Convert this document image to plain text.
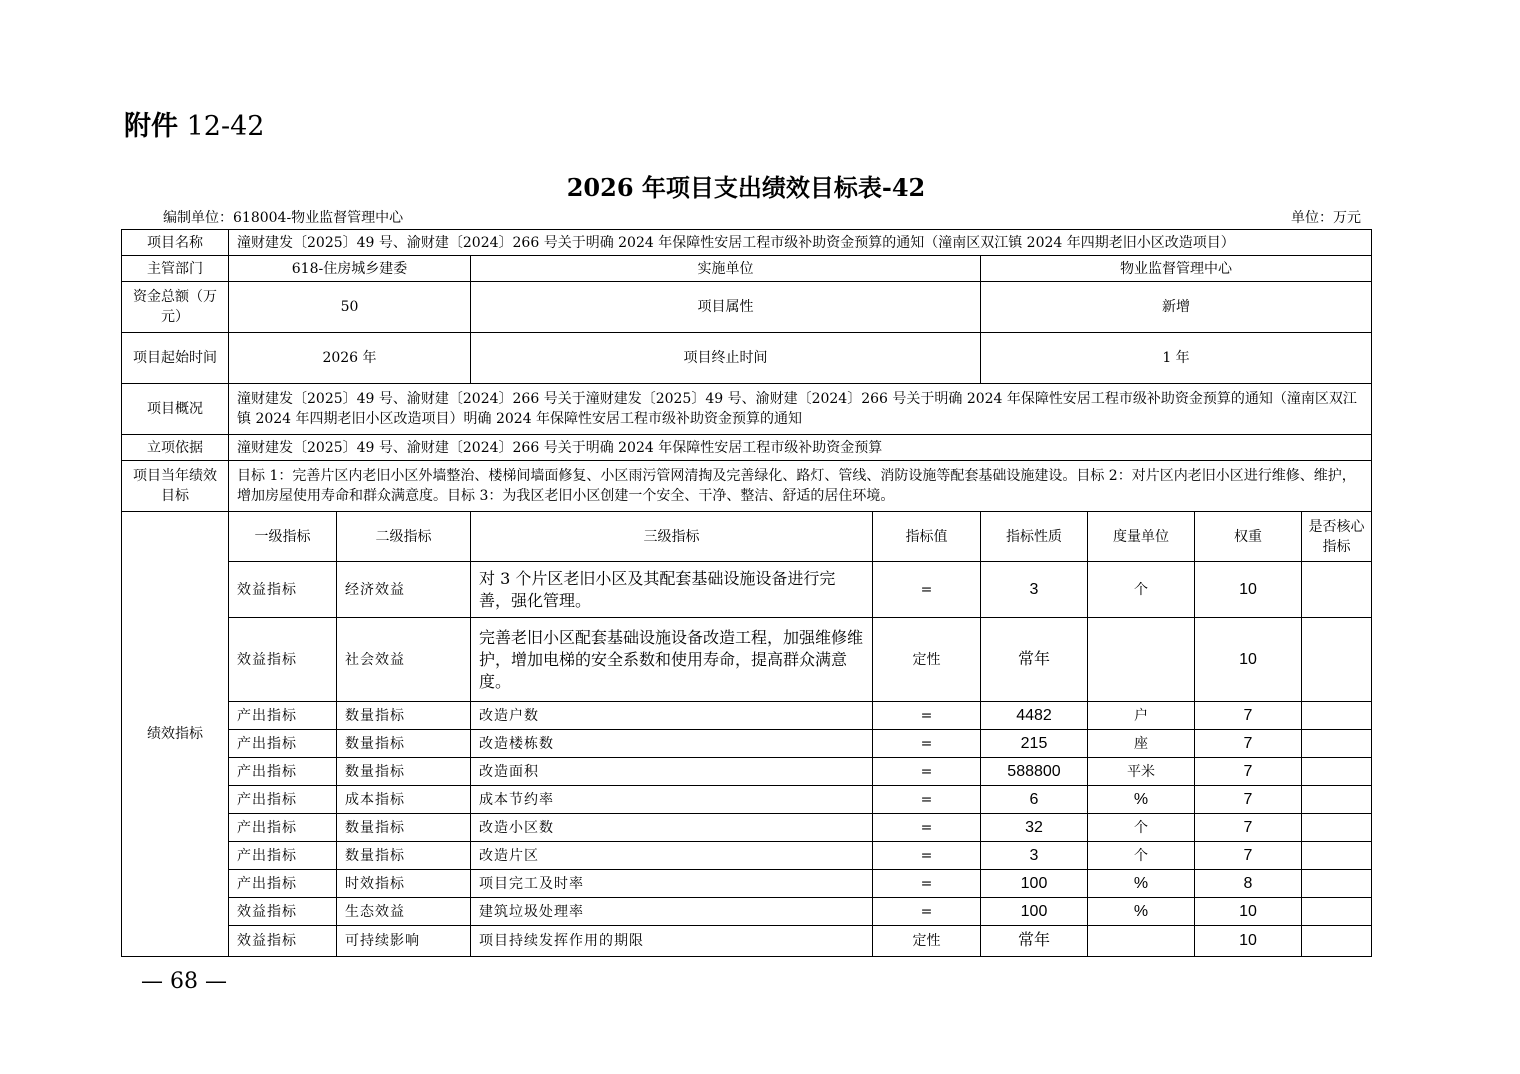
附件 12-42
2026 年项目支出绩效目标表-42
编制单位：618004-物业监督管理中心	单位：万元
项目名称	潼财建发〔2025〕49 号、渝财建〔2024〕266 号关于明确 2024 年保障性安居工程市级补助资金预算的通知（潼南区双江镇 2024 年四期老旧小区改造项目）							
主管部门	618-住房城乡建委		实施单位		物业监督管理中心			
资金总额（万元）	50		项目属性		新增			
项目起始时间	2026 年		项目终止时间		1 年			
项目概况	潼财建发〔2025〕49 号、渝财建〔2024〕266 号关于潼财建发〔2025〕49 号、渝财建〔2024〕266 号关于明确 2024 年保障性安居工程市级补助资金预算的通知（潼南区双江镇 2024 年四期老旧小区改造项目）明确 2024 年保障性安居工程市级补助资金预算的通知							
立项依据	潼财建发〔2025〕49 号、渝财建〔2024〕266 号关于明确 2024 年保障性安居工程市级补助资金预算							
项目当年绩效目标	目标 1：完善片区内老旧小区外墙整治、楼梯间墙面修复、小区雨污管网清掏及完善绿化、路灯、管线、消防设施等配套基础设施建设。目标 2：对片区内老旧小区进行维修、维护，增加房屋使用寿命和群众满意度。目标 3：为我区老旧小区创建一个安全、干净、整洁、舒适的居住环境。							
绩效指标	一级指标	二级指标	三级指标	指标值	指标性质	度量单位	权重	是否核心指标
	效益指标	经济效益	对 3 个片区老旧小区及其配套基础设施设备进行完善，强化管理。	=	3	个	10	
	效益指标	社会效益	完善老旧小区配套基础设施设备改造工程，加强维修维护，增加电梯的安全系数和使用寿命，提高群众满意度。	定性	常年		10	
	产出指标	数量指标	改造户数	=	4482	户	7	
	产出指标	数量指标	改造楼栋数	=	215	座	7	
	产出指标	数量指标	改造面积	=	588800	平米	7	
	产出指标	成本指标	成本节约率	=	6	%	7	
	产出指标	数量指标	改造小区数	=	32	个	7	
	产出指标	数量指标	改造片区	=	3	个	7	
	产出指标	时效指标	项目完工及时率	=	100	%	8	
	效益指标	生态效益	建筑垃圾处理率	=	100	%	10	
	效益指标	可持续影响	项目持续发挥作用的期限	定性	常年		10	
— 68 —
